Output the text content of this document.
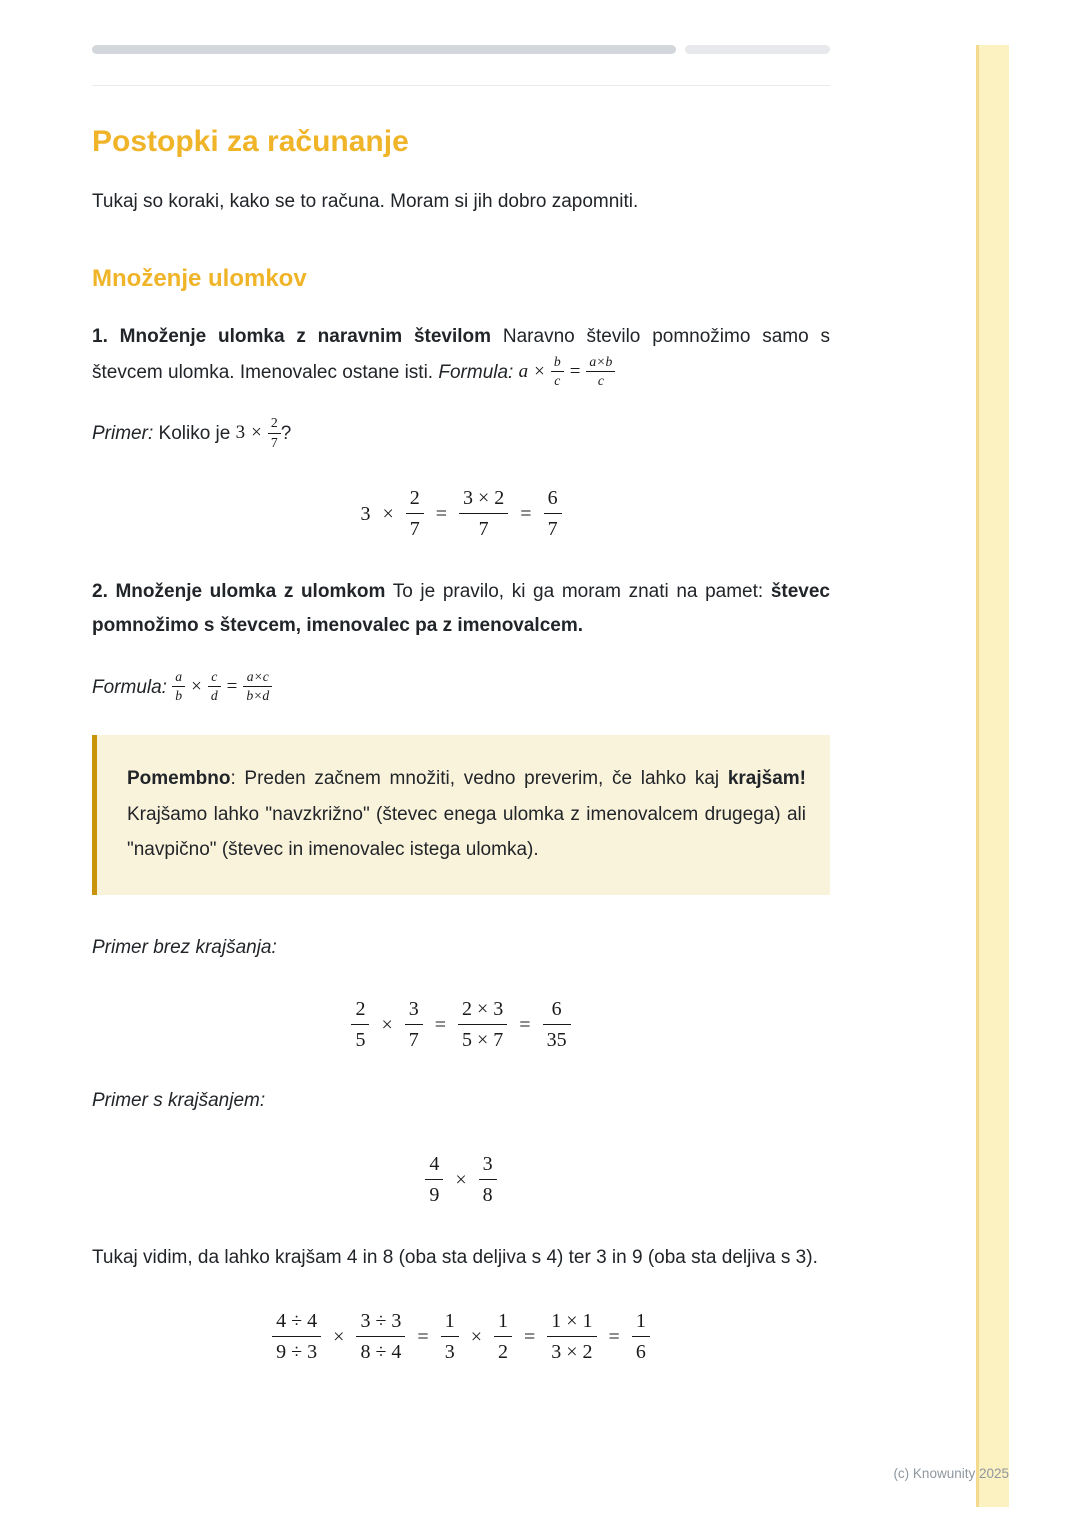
(c) Knowunity 2025
Postopki za računanje

Tukaj so koraki, kako se to računa. Moram si jih dobro zapomniti.

Množenje ulomkov

1. Množenje ulomka z naravnim številom Naravno število pomnožimo samo s števcem ulomka. Imenovalec ostane isti. Formula: $a \times \frac{b}{c} = \frac{a\times b}{c}$

Primer: Koliko je $3 \times \frac{2}{7}$ ?

$3 \times \frac{2}{7} = \frac{3 \times 2}{7} = \frac{6}{7}$

2. Množenje ulomka z ulomkom To je pravilo, ki ga moram znati na pamet: števec pomnožimo s števcem, imenovalec pa z imenovalcem.

Formula: $\frac{a}{b} \times \frac{c}{d} = \frac{a\times c}{b\times d}$

Pomembno: Preden začnem množiti, vedno preverim, če lahko kaj krajšam! Krajšamo lahko "navzkrižno" (števec enega ulomka z imenovalcem drugega) ali "navpično" (števec in imenovalec istega ulomka).

Primer brez krajšanja:

$\frac{2}{5} \times \frac{3}{7} = \frac{2 \times 3}{5 \times 7} = \frac{6}{35}$

Primer s krajšanjem:

$\frac{4}{9} \times \frac{3}{8}$

Tukaj vidim, da lahko krajšam 4 in 8 (oba sta deljiva s 4) ter 3 in 9 (oba sta deljiva s 3).

$\frac{4 \div 4}{9 \div 3} \times \frac{3 \div 3}{8 \div 4} = \frac{1}{3} \times \frac{1}{2} = \frac{1 \times 1}{3 \times 2} = \frac{1}{6}$
